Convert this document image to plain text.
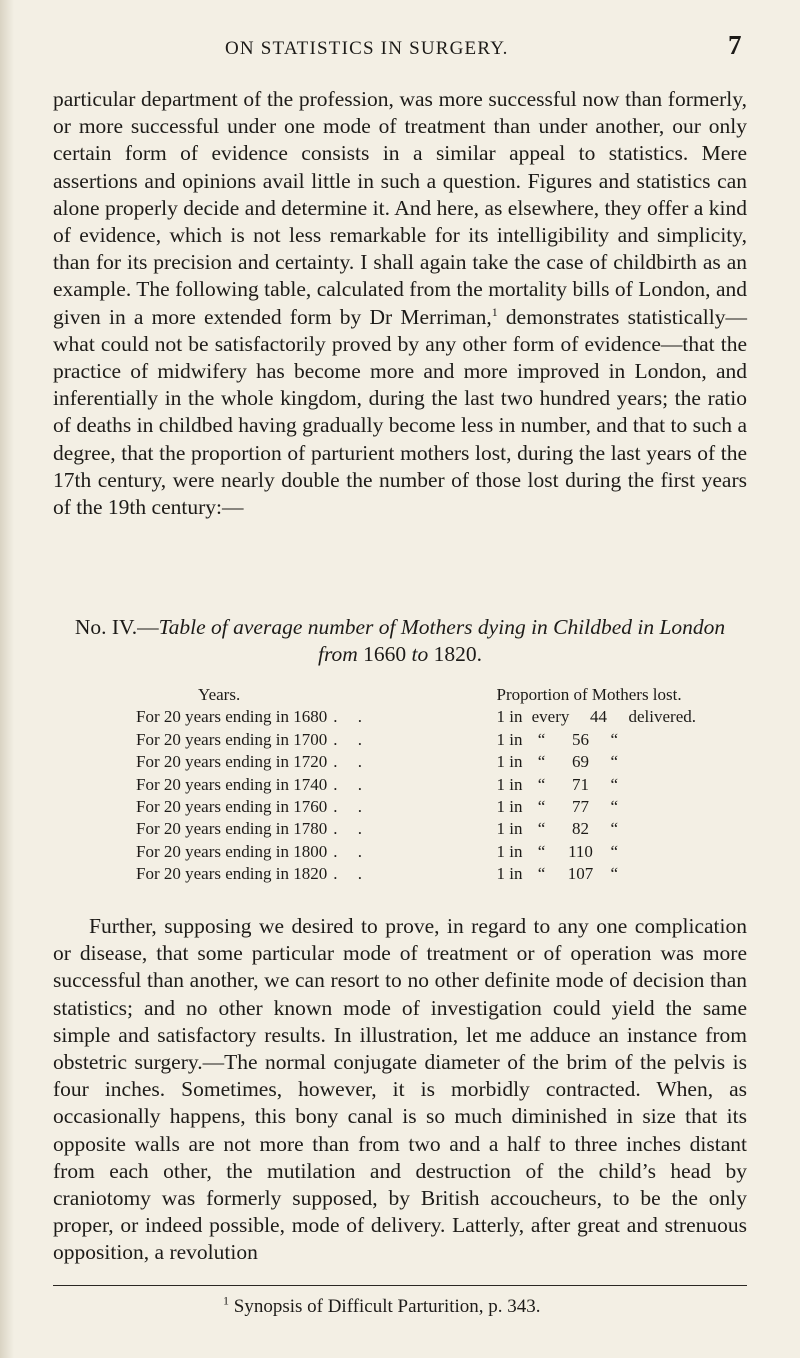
ON STATISTICS IN SURGERY.	7

particular department of the profession, was more successful now than formerly, or more successful under one mode of treatment than under another, our only certain form of evidence consists in a similar appeal to statistics. Mere assertions and opinions avail little in such a question. Figures and statistics can alone properly decide and determine it. And here, as elsewhere, they offer a kind of evidence, which is not less remarkable for its intelligibility and simplicity, than for its precision and certainty. I shall again take the case of childbirth as an example. The following table, calculated from the mortality bills of London, and given in a more extended form by Dr Merriman,$^1$ demonstrates statistically—what could not be satisfactorily proved by any other form of evidence—that the practice of midwifery has become more and more improved in London, and inferentially in the whole kingdom, during the last two hundred years; the ratio of deaths in childbed having gradually become less in number, and that to such a degree, that the proportion of parturient mothers lost, during the last years of the 17th century, were nearly double the number of those lost during the first years of the 19th century:—

No. IV.—Table of average number of Mothers dying in Childbed in London from 1660 to 1820.
Years.	Proportion of Mothers lost.
For 20 years ending in 1680 . .	1 in every 44 delivered.
For 20 years ending in 1700 . .	1 in “ 56 “
For 20 years ending in 1720 . .	1 in “ 69 “
For 20 years ending in 1740 . .	1 in “ 71 “
For 20 years ending in 1760 . .	1 in “ 77 “
For 20 years ending in 1780 . .	1 in “ 82 “
For 20 years ending in 1800 . .	1 in “ 110 “
For 20 years ending in 1820 . .	1 in “ 107 “

Further, supposing we desired to prove, in regard to any one complication or disease, that some particular mode of treatment or of operation was more successful than another, we can resort to no other definite mode of decision than statistics; and no other known mode of investigation could yield the same simple and satisfactory results. In illustration, let me adduce an instance from obstetric surgery.—The normal conjugate diameter of the brim of the pelvis is four inches. Sometimes, however, it is morbidly contracted. When, as occasionally happens, this bony canal is so much diminished in size that its opposite walls are not more than from two and a half to three inches distant from each other, the mutilation and destruction of the child’s head by craniotomy was formerly supposed, by British accoucheurs, to be the only proper, or indeed possible, mode of delivery. Latterly, after great and strenuous opposition, a revolution

$^1$ Synopsis of Difficult Parturition, p. 343.
